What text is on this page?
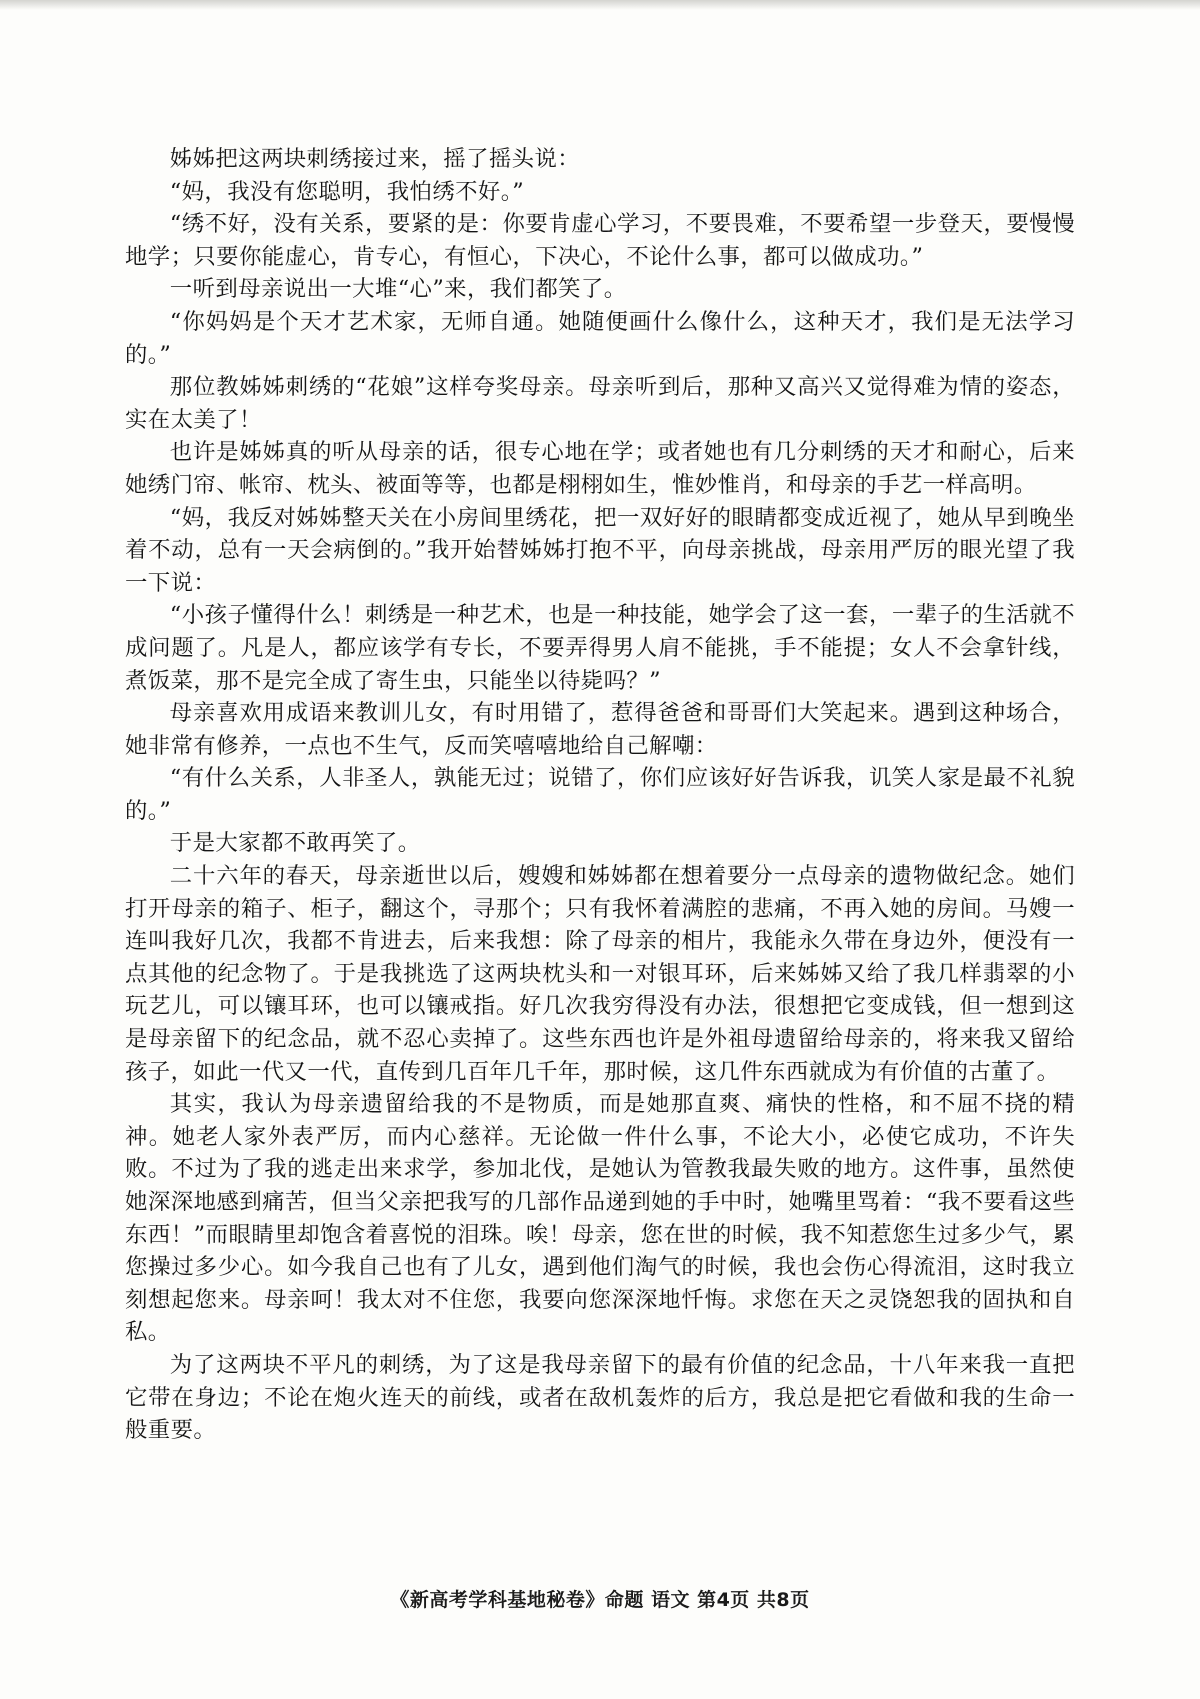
姊姊把这两块刺绣接过来，摇了摇头说：

“妈，我没有您聪明，我怕绣不好。”

“绣不好，没有关系，要紧的是：你要肯虚心学习，不要畏难，不要希望一步登天，要慢慢地学；只要你能虚心，肯专心，有恒心，下决心，不论什么事，都可以做成功。”

一听到母亲说出一大堆“心”来，我们都笑了。

“你妈妈是个天才艺术家，无师自通。她随便画什么像什么，这种天才，我们是无法学习的。”

那位教姊姊刺绣的“花娘”这样夸奖母亲。母亲听到后，那种又高兴又觉得难为情的姿态，实在太美了！

也许是姊姊真的听从母亲的话，很专心地在学；或者她也有几分刺绣的天才和耐心，后来她绣门帘、帐帘、枕头、被面等等，也都是栩栩如生，惟妙惟肖，和母亲的手艺一样高明。

“妈，我反对姊姊整天关在小房间里绣花，把一双好好的眼睛都变成近视了，她从早到晚坐着不动，总有一天会病倒的。”我开始替姊姊打抱不平，向母亲挑战，母亲用严厉的眼光望了我一下说：

“小孩子懂得什么！刺绣是一种艺术，也是一种技能，她学会了这一套，一辈子的生活就不成问题了。凡是人，都应该学有专长，不要弄得男人肩不能挑，手不能提；女人不会拿针线，煮饭菜，那不是完全成了寄生虫，只能坐以待毙吗？”

母亲喜欢用成语来教训儿女，有时用错了，惹得爸爸和哥哥们大笑起来。遇到这种场合，她非常有修养，一点也不生气，反而笑嘻嘻地给自己解嘲：

“有什么关系，人非圣人，孰能无过；说错了，你们应该好好告诉我，讥笑人家是最不礼貌的。”

于是大家都不敢再笑了。

二十六年的春天，母亲逝世以后，嫂嫂和姊姊都在想着要分一点母亲的遗物做纪念。她们打开母亲的箱子、柜子，翻这个，寻那个；只有我怀着满腔的悲痛，不再入她的房间。马嫂一连叫我好几次，我都不肯进去，后来我想：除了母亲的相片，我能永久带在身边外，便没有一点其他的纪念物了。于是我挑选了这两块枕头和一对银耳环，后来姊姊又给了我几样翡翠的小玩艺儿，可以镶耳环，也可以镶戒指。好几次我穷得没有办法，很想把它变成钱，但一想到这是母亲留下的纪念品，就不忍心卖掉了。这些东西也许是外祖母遗留给母亲的，将来我又留给孩子，如此一代又一代，直传到几百年几千年，那时候，这几件东西就成为有价值的古董了。

其实，我认为母亲遗留给我的不是物质，而是她那直爽、痛快的性格，和不屈不挠的精神。她老人家外表严厉，而内心慈祥。无论做一件什么事，不论大小，必使它成功，不许失败。不过为了我的逃走出来求学，参加北伐，是她认为管教我最失败的地方。这件事，虽然使她深深地感到痛苦，但当父亲把我写的几部作品递到她的手中时，她嘴里骂着：“我不要看这些东西！”而眼睛里却饱含着喜悦的泪珠。唉！母亲，您在世的时候，我不知惹您生过多少气，累您操过多少心。如今我自己也有了儿女，遇到他们淘气的时候，我也会伤心得流泪，这时我立刻想起您来。母亲呵！我太对不住您，我要向您深深地忏悔。求您在天之灵饶恕我的固执和自私。

为了这两块不平凡的刺绣，为了这是我母亲留下的最有价值的纪念品，十八年来我一直把它带在身边；不论在炮火连天的前线，或者在敌机轰炸的后方，我总是把它看做和我的生命一般重要。

《新高考学科基地秘卷》命题 语文 第4页 共8页
